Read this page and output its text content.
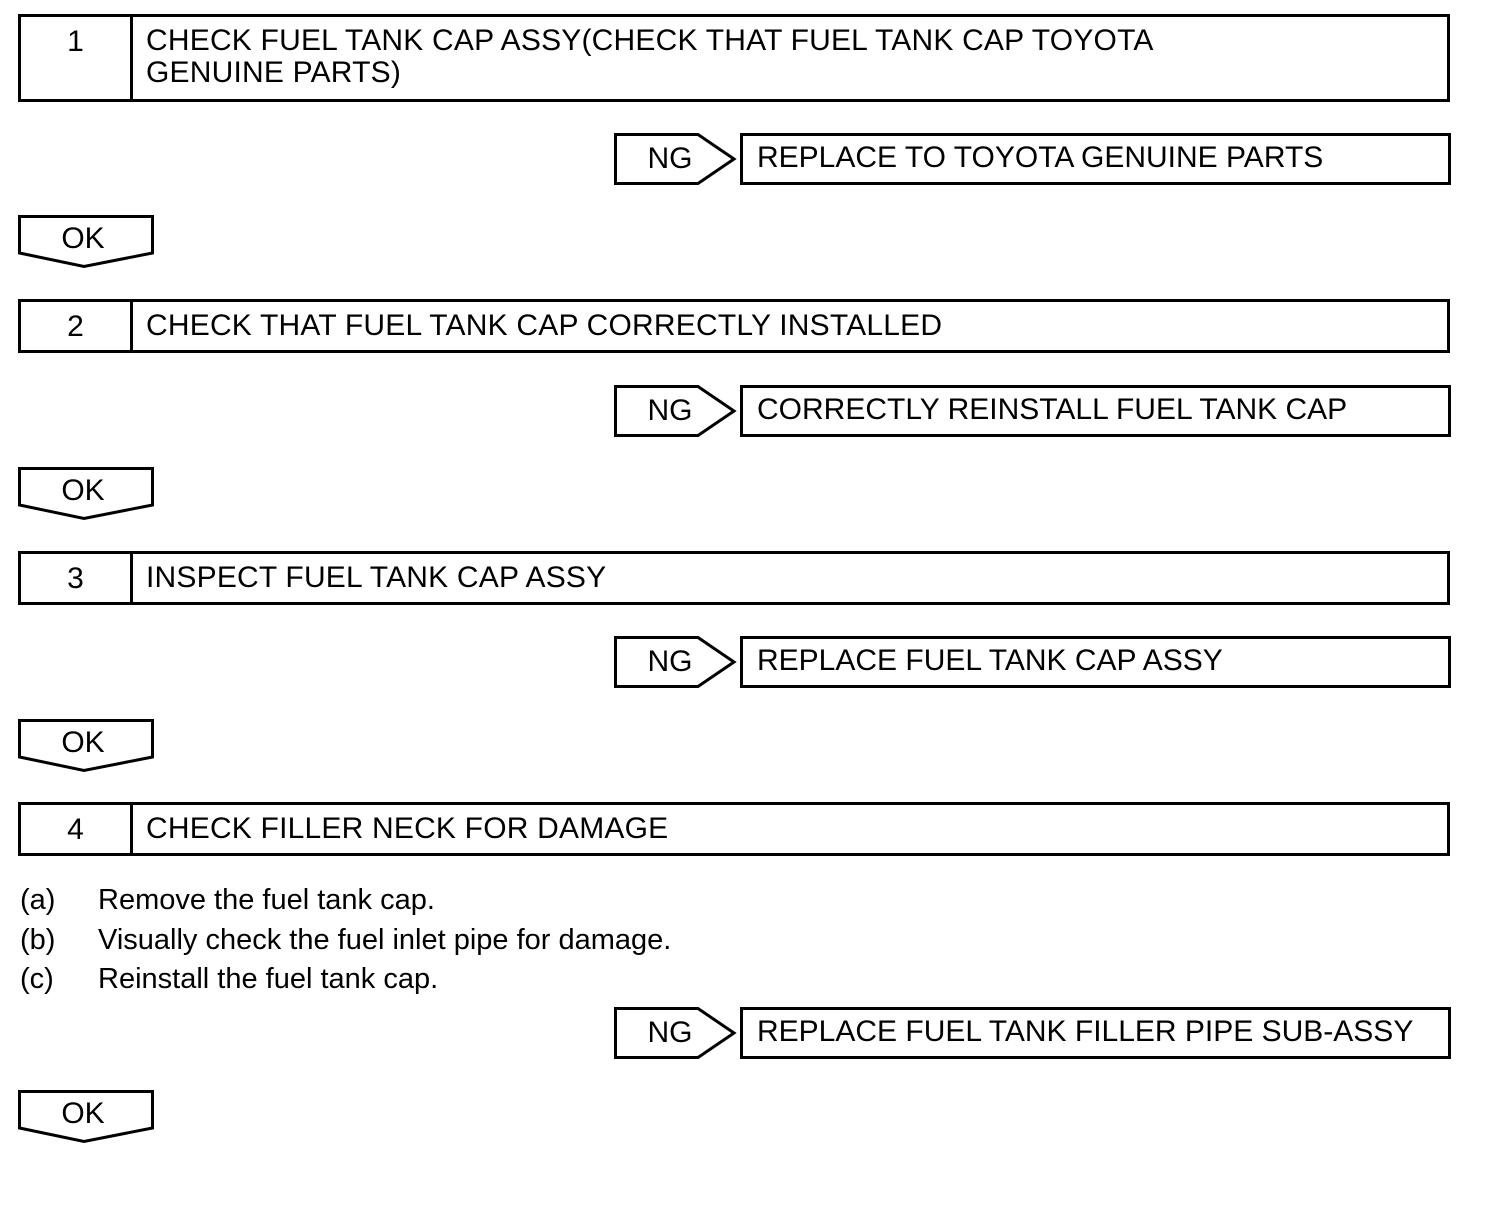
1	CHECK FUEL TANK CAP ASSY(CHECK THAT FUEL TANK CAP TOYOTA
GENUINE PARTS)
NG	REPLACE TO TOYOTA GENUINE PARTS
OK
2	CHECK THAT FUEL TANK CAP CORRECTLY INSTALLED
NG	CORRECTLY REINSTALL FUEL TANK CAP
OK
3	INSPECT FUEL TANK CAP ASSY
NG	REPLACE FUEL TANK CAP ASSY
OK
4	CHECK FILLER NECK FOR DAMAGE
(a) Remove the fuel tank cap.
(b) Visually check the fuel inlet pipe for damage.
(c) Reinstall the fuel tank cap.
NG	REPLACE FUEL TANK FILLER PIPE SUB-ASSY
OK
